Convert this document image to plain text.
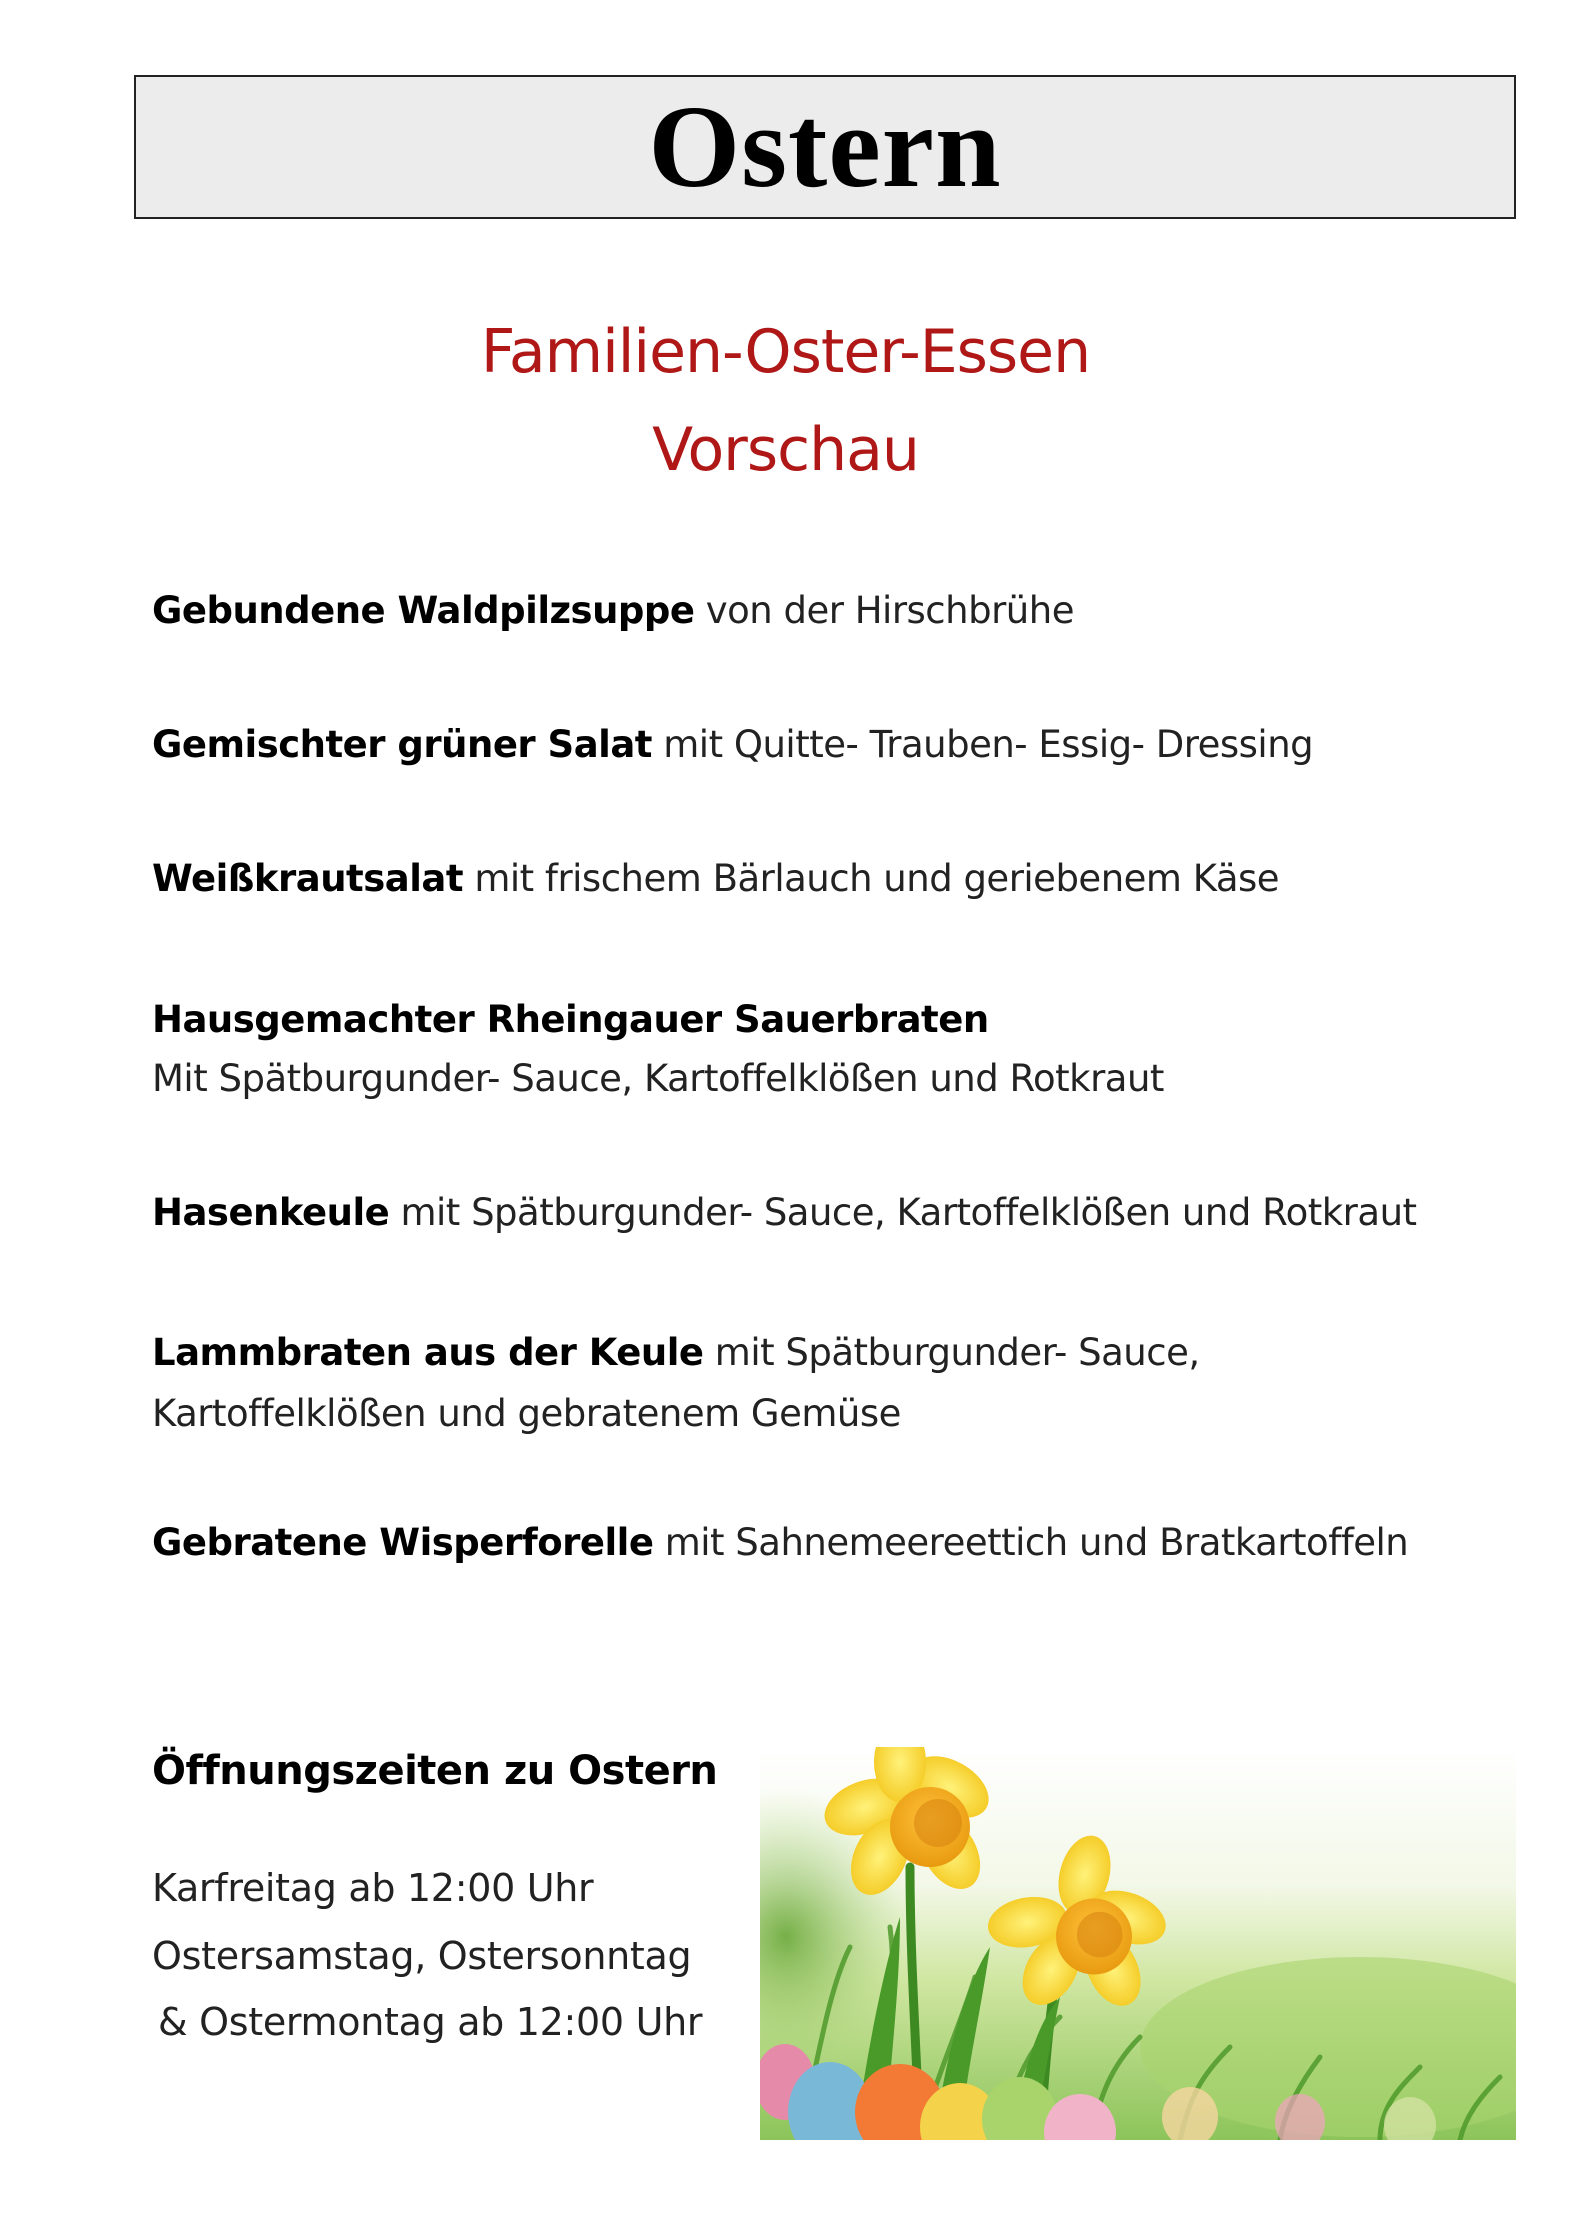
Ostern
Familien-Oster-Essen
Vorschau
Gebundene Waldpilzsuppe von der Hirschbrühe
Gemischter grüner Salat mit Quitte- Trauben- Essig- Dressing
Weißkrautsalat mit frischem Bärlauch und geriebenem Käse
Hausgemachter Rheingauer Sauerbraten
Mit Spätburgunder- Sauce, Kartoffelklößen und Rotkraut
Hasenkeule mit Spätburgunder- Sauce, Kartoffelklößen und Rotkraut
Lammbraten aus der Keule mit Spätburgunder- Sauce, Kartoffelklößen und gebratenem Gemüse
Gebratene Wisperforelle mit Sahnemeereettich und Bratkartoffeln
Öffnungszeiten zu Ostern
Karfreitag ab 12:00 Uhr
Ostersamstag, Ostersonntag
& Ostermontag ab 12:00 Uhr
